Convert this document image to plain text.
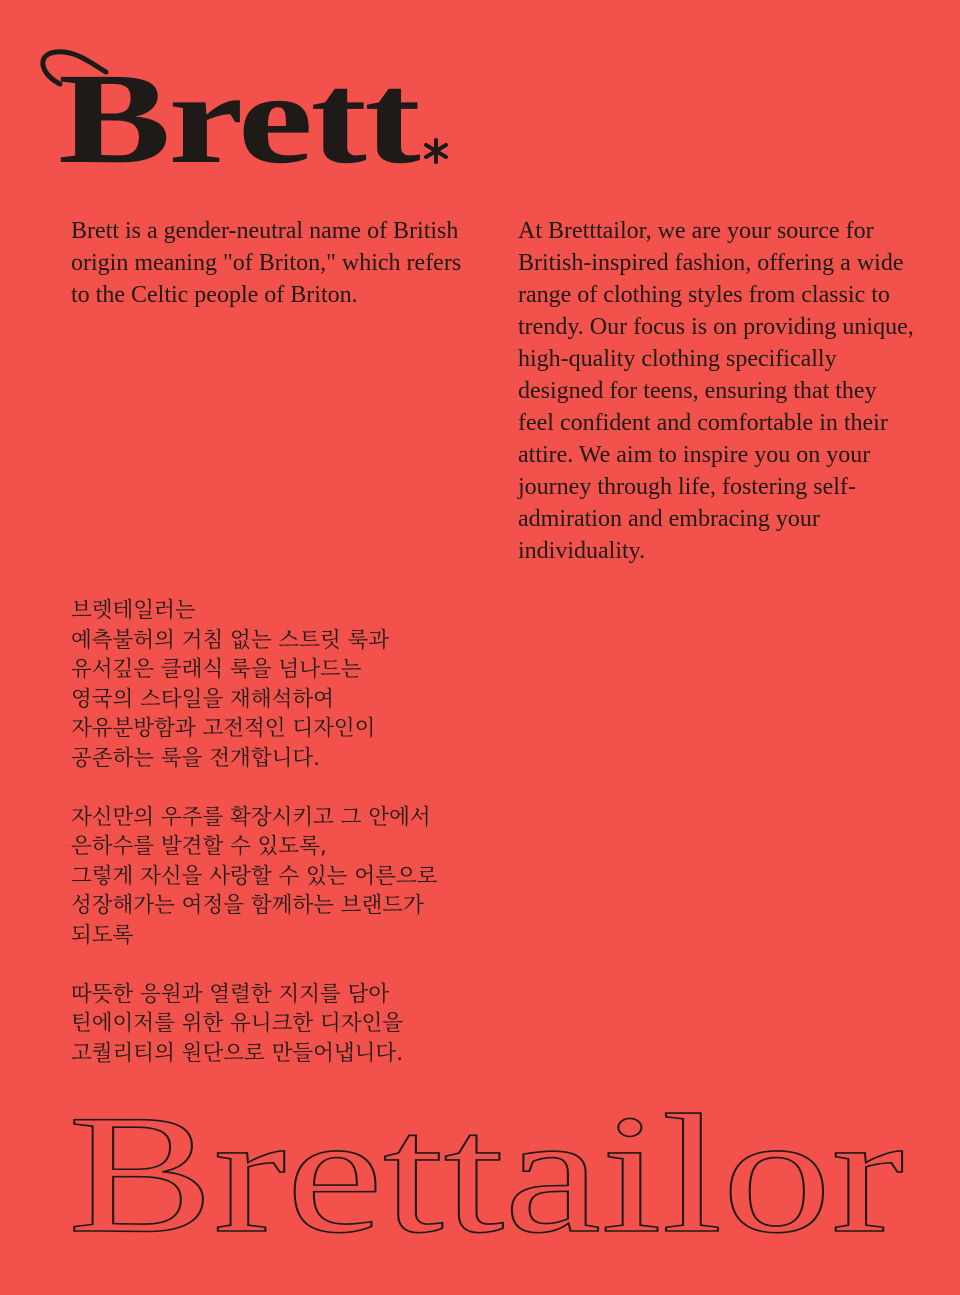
Brett

Brett is a gender-neutral name of British origin meaning "of Briton," which refers to the Celtic people of Briton.

At Bretttailor, we are your source for British-inspired fashion, offering a wide range of clothing styles from classic to trendy. Our focus is on providing unique, high-quality clothing specifically designed for teens, ensuring that they feel confident and comfortable in their attire. We aim to inspire you on your journey through life, fostering self-admiration and embracing your individuality.

브렛테일러는
예측불허의 거침 없는 스트릿 룩과
유서깊은 클래식 룩을 넘나드는
영국의 스타일을 재해석하여
자유분방함과 고전적인 디자인이
공존하는 룩을 전개합니다.

자신만의 우주를 확장시키고 그 안에서
은하수를 발견할 수 있도록,
그렇게 자신을 사랑할 수 있는 어른으로
성장해가는 여정을 함께하는 브랜드가
되도록

따뜻한 응원과 열렬한 지지를 담아
틴에이저를 위한 유니크한 디자인을
고퀄리티의 원단으로 만들어냅니다.

Brettailor
